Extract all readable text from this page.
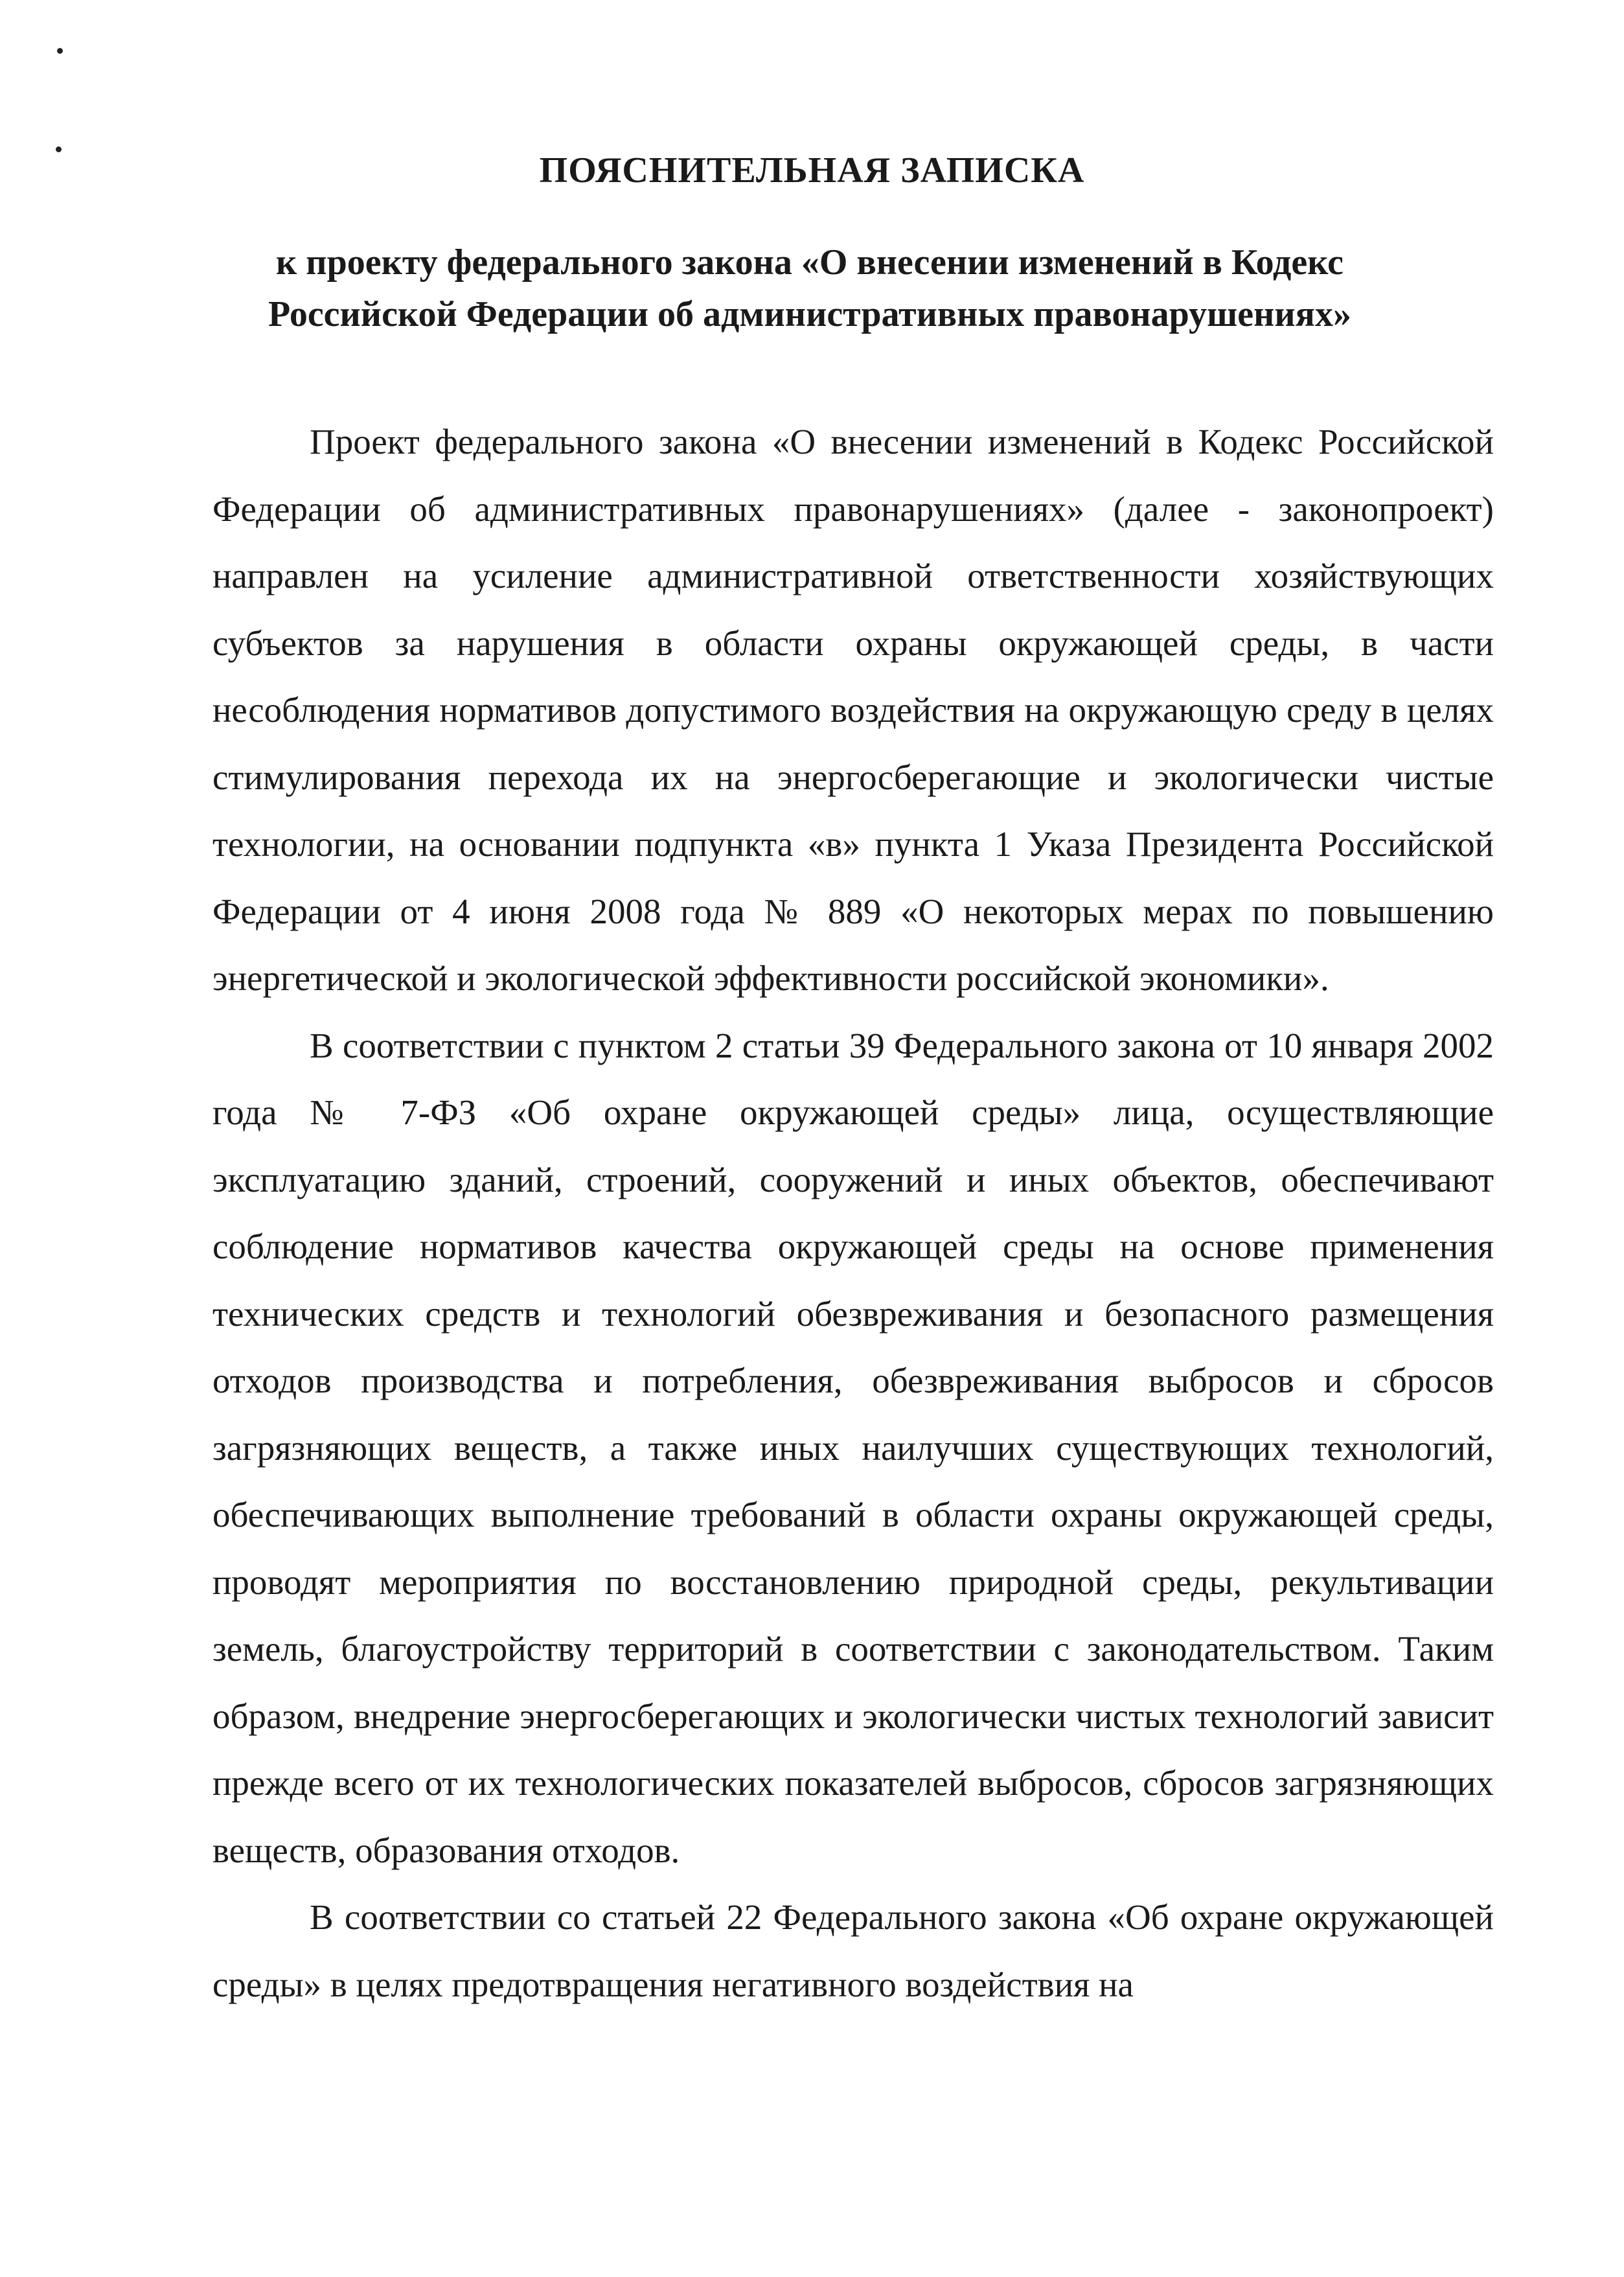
ПОЯСНИТЕЛЬНАЯ ЗАПИСКА
к проекту федерального закона «О внесении изменений в Кодекс
Российской Федерации об административных правонарушениях»

Проект федерального закона «О внесении изменений в Кодекс Российской Федерации об административных правонарушениях» (далее - законопроект) направлен на усиление административной ответственности хозяйствующих субъектов за нарушения в области охраны окружающей среды, в части несоблюдения нормативов допустимого воздействия на окружающую среду в целях стимулирования перехода их на энергосберегающие и экологически чистые технологии, на основании подпункта «в» пункта 1 Указа Президента Российской Федерации от 4 июня 2008 года № 889 «О некоторых мерах по повышению энергетической и экологической эффективности российской экономики».

В соответствии с пунктом 2 статьи 39 Федерального закона от 10 января 2002 года № 7-ФЗ «Об охране окружающей среды» лица, осуществляющие эксплуатацию зданий, строений, сооружений и иных объектов, обеспечивают соблюдение нормативов качества окружающей среды на основе применения технических средств и технологий обезвреживания и безопасного размещения отходов производства и потребления, обезвреживания выбросов и сбросов загрязняющих веществ, а также иных наилучших существующих технологий, обеспечивающих выполнение требований в области охраны окружающей среды, проводят мероприятия по восстановлению природной среды, рекультивации земель, благоустройству территорий в соответствии с законодательством. Таким образом, внедрение энергосберегающих и экологически чистых технологий зависит прежде всего от их технологических показателей выбросов, сбросов загрязняющих веществ, образования отходов.

В соответствии со статьей 22 Федерального закона «Об охране окружающей среды» в целях предотвращения негативного воздействия на
